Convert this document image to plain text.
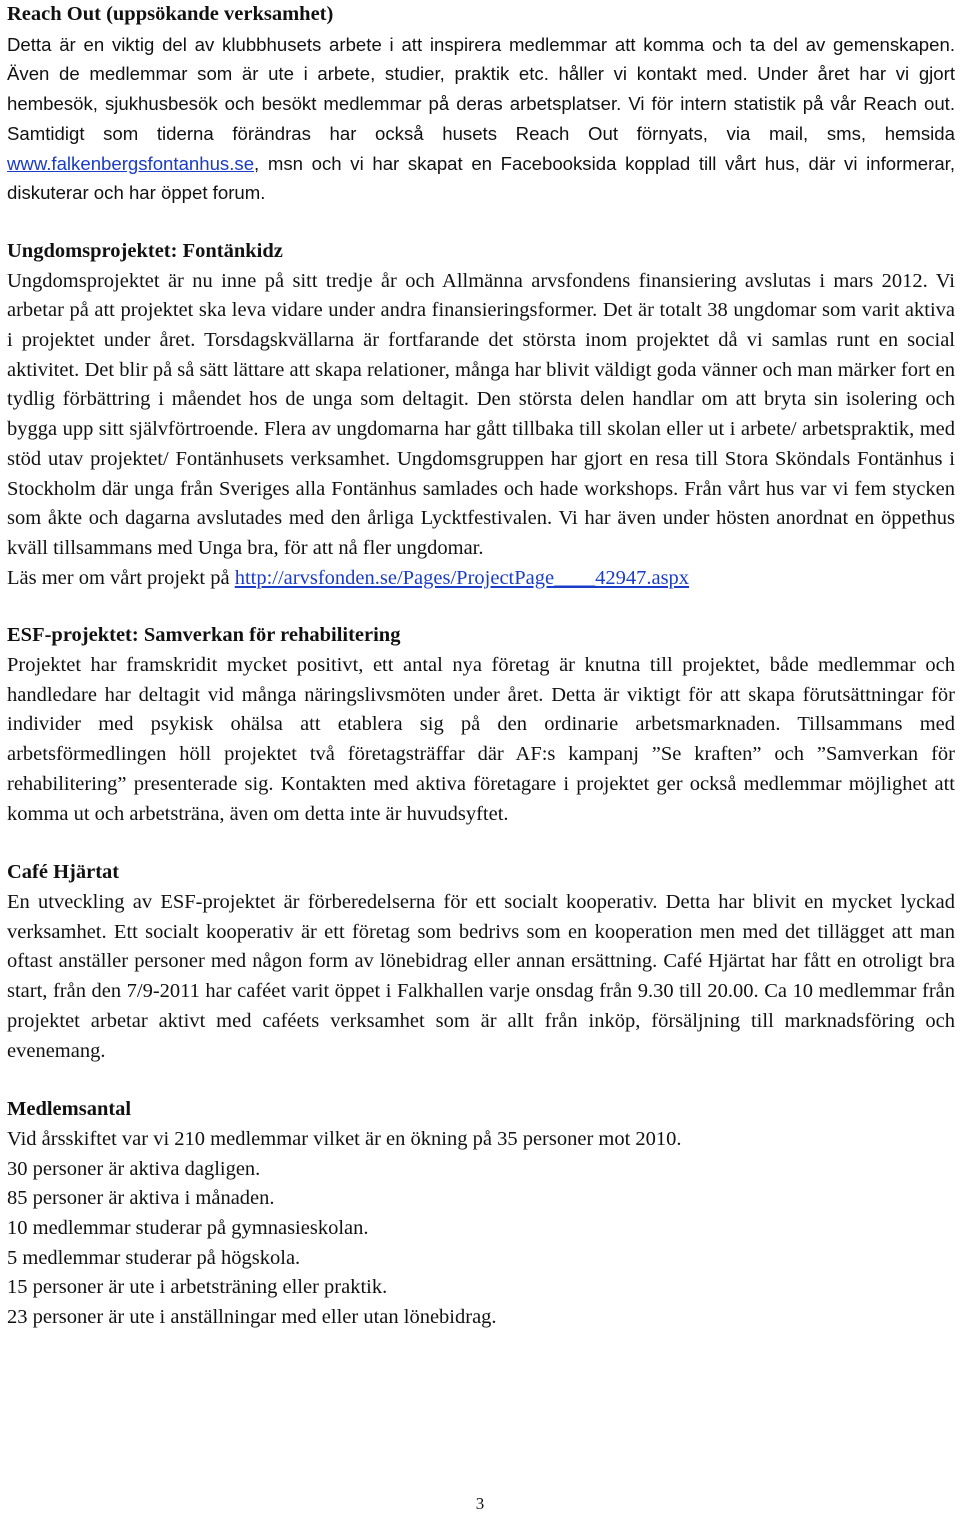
Reach Out (uppsökande verksamhet)

Detta är en viktig del av klubbhusets arbete i att inspirera medlemmar att komma och ta del av gemenskapen. Även de medlemmar som är ute i arbete, studier, praktik etc. håller vi kontakt med. Under året har vi gjort hembesök, sjukhusbesök och besökt medlemmar på deras arbetsplatser. Vi för intern statistik på vår Reach out. Samtidigt som tiderna förändras har också husets Reach Out förnyats, via mail, sms, hemsida www.falkenbergsfontanhus.se, msn och vi har skapat en Facebooksida kopplad till vårt hus, där vi informerar, diskuterar och har öppet forum.

Ungdomsprojektet: Fontänkidz

Ungdomsprojektet är nu inne på sitt tredje år och Allmänna arvsfondens finansiering avslutas i mars 2012. Vi arbetar på att projektet ska leva vidare under andra finansieringsformer. Det är totalt 38 ungdomar som varit aktiva i projektet under året. Torsdagskvällarna är fortfarande det största inom projektet då vi samlas runt en social aktivitet. Det blir på så sätt lättare att skapa relationer, många har blivit väldigt goda vänner och man märker fort en tydlig förbättring i måendet hos de unga som deltagit. Den största delen handlar om att bryta sin isolering och bygga upp sitt självförtroende. Flera av ungdomarna har gått tillbaka till skolan eller ut i arbete/ arbetspraktik, med stöd utav projektet/ Fontänhusets verksamhet. Ungdomsgruppen har gjort en resa till Stora Sköndals Fontänhus i Stockholm där unga från Sveriges alla Fontänhus samlades och hade workshops. Från vårt hus var vi fem stycken som åkte och dagarna avslutades med den årliga Lycktfestivalen. Vi har även under hösten anordnat en öppethus kväll tillsammans med Unga bra, för att nå fler ungdomar.

Läs mer om vårt projekt på http://arvsfonden.se/Pages/ProjectPage____42947.aspx

ESF-projektet: Samverkan för rehabilitering

Projektet har framskridit mycket positivt, ett antal nya företag är knutna till projektet, både medlemmar och handledare har deltagit vid många näringslivsmöten under året. Detta är viktigt för att skapa förutsättningar för individer med psykisk ohälsa att etablera sig på den ordinarie arbetsmarknaden. Tillsammans med arbetsförmedlingen höll projektet två företagsträffar där AF:s kampanj ”Se kraften” och ”Samverkan för rehabilitering” presenterade sig. Kontakten med aktiva företagare i projektet ger också medlemmar möjlighet att komma ut och arbetsträna, även om detta inte är huvudsyftet.

Café Hjärtat

En utveckling av ESF-projektet är förberedelserna för ett socialt kooperativ. Detta har blivit en mycket lyckad verksamhet. Ett socialt kooperativ är ett företag som bedrivs som en kooperation men med det tillägget att man oftast anställer personer med någon form av lönebidrag eller annan ersättning. Café Hjärtat har fått en otroligt bra start, från den 7/9-2011 har caféet varit öppet i Falkhallen varje onsdag från 9.30 till 20.00. Ca 10 medlemmar från projektet arbetar aktivt med caféets verksamhet som är allt från inköp, försäljning till marknadsföring och evenemang.

Medlemsantal

Vid årsskiftet var vi 210 medlemmar vilket är en ökning på 35 personer mot 2010.

30 personer är aktiva dagligen.

85 personer är aktiva i månaden.

10 medlemmar studerar på gymnasieskolan.

5 medlemmar studerar på högskola.

15 personer är ute i arbetsträning eller praktik.

23 personer är ute i anställningar med eller utan lönebidrag.

3
